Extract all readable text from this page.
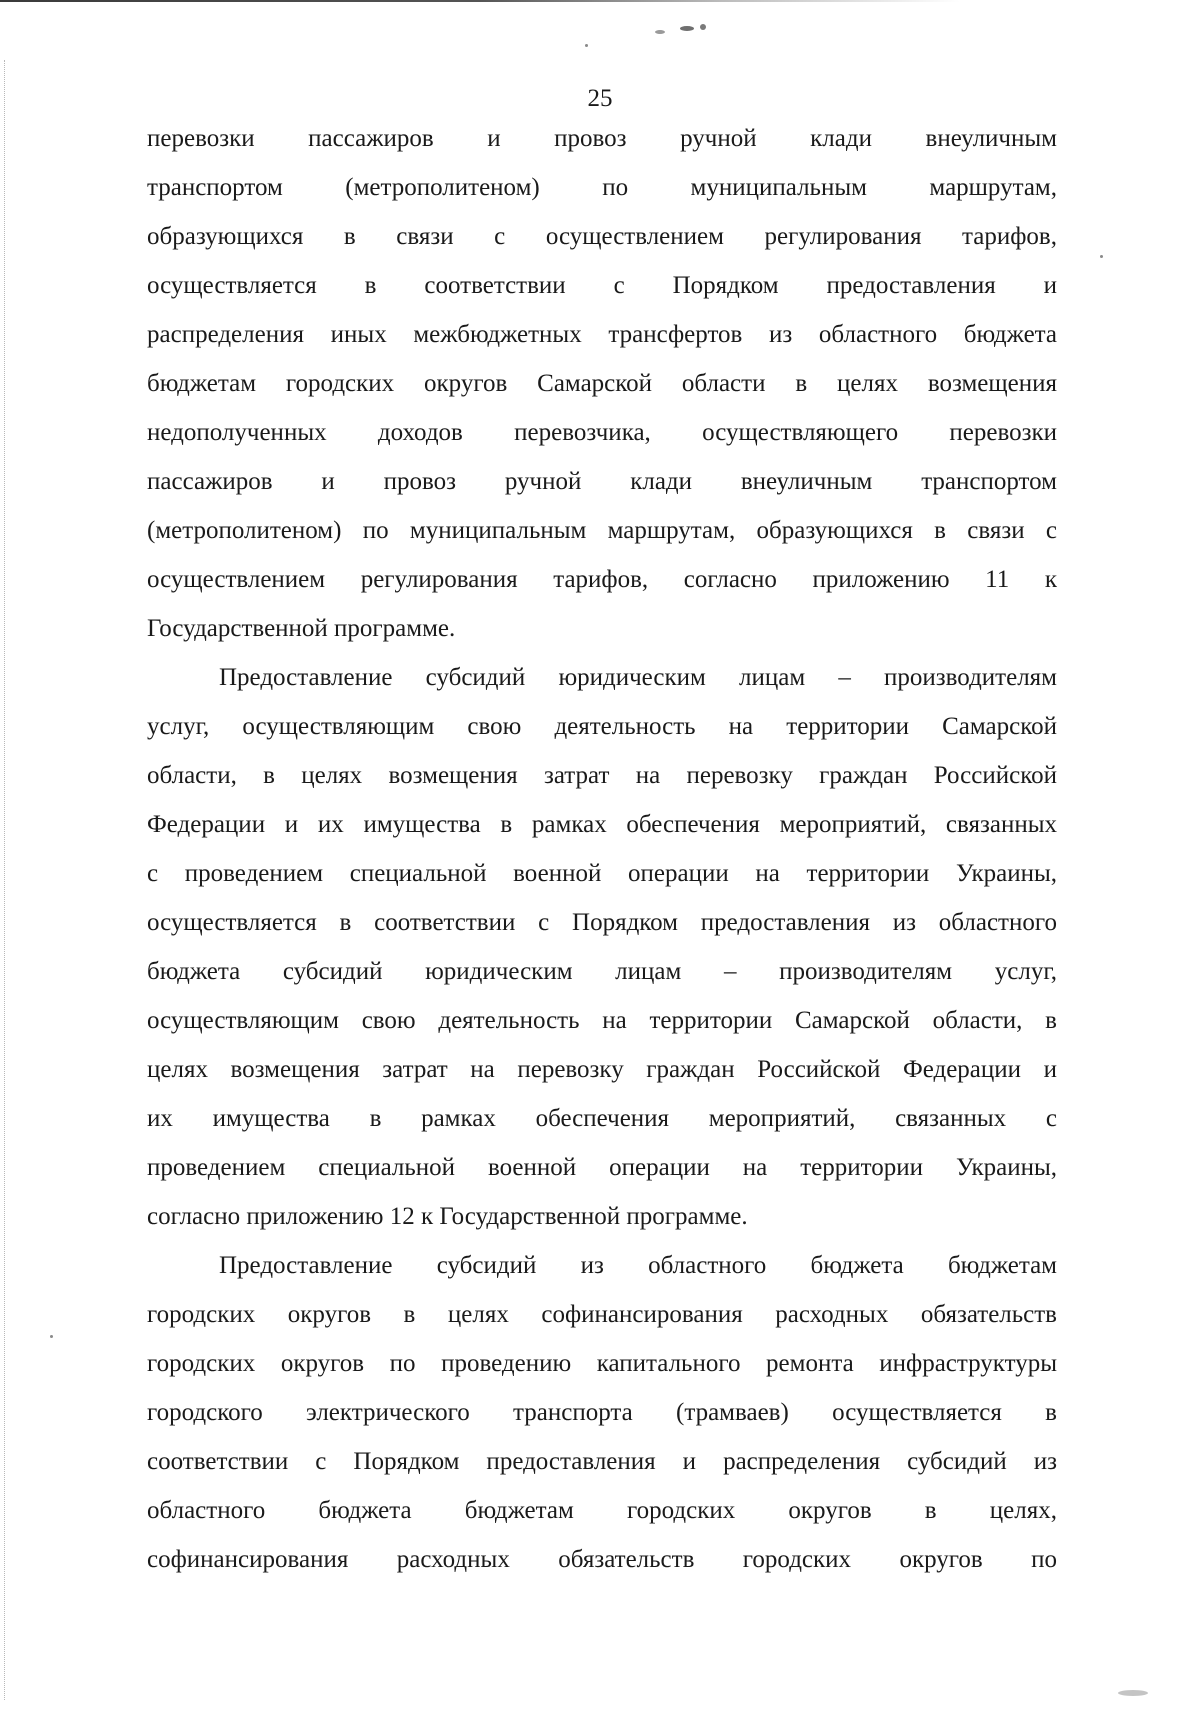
25

перевозки пассажиров и провоз ручной клади внеуличным
транспортом (метрополитеном) по муниципальным маршрутам,
образующихся в связи с осуществлением регулирования тарифов,
осуществляется в соответствии с Порядком предоставления и
распределения иных межбюджетных трансфертов из областного бюджета
бюджетам городских округов Самарской области в целях возмещения
недополученных доходов перевозчика, осуществляющего перевозки
пассажиров и провоз ручной клади внеуличным транспортом
(метрополитеном) по муниципальным маршрутам, образующихся в связи с
осуществлением регулирования тарифов, согласно приложению 11 к
Государственной программе.

Предоставление субсидий юридическим лицам – производителям
услуг, осуществляющим свою деятельность на территории Самарской
области, в целях возмещения затрат на перевозку граждан Российской
Федерации и их имущества в рамках обеспечения мероприятий, связанных
с проведением специальной военной операции на территории Украины,
осуществляется в соответствии с Порядком предоставления из областного
бюджета субсидий юридическим лицам – производителям услуг,
осуществляющим свою деятельность на территории Самарской области, в
целях возмещения затрат на перевозку граждан Российской Федерации и
их имущества в рамках обеспечения мероприятий, связанных с
проведением специальной военной операции на территории Украины,
согласно приложению 12 к Государственной программе.

Предоставление субсидий из областного бюджета бюджетам
городских округов в целях софинансирования расходных обязательств
городских округов по проведению капитального ремонта инфраструктуры
городского электрического транспорта (трамваев) осуществляется в
соответствии с Порядком предоставления и распределения субсидий из
областного бюджета бюджетам городских округов в целях,
софинансирования расходных обязательств городских округов по
